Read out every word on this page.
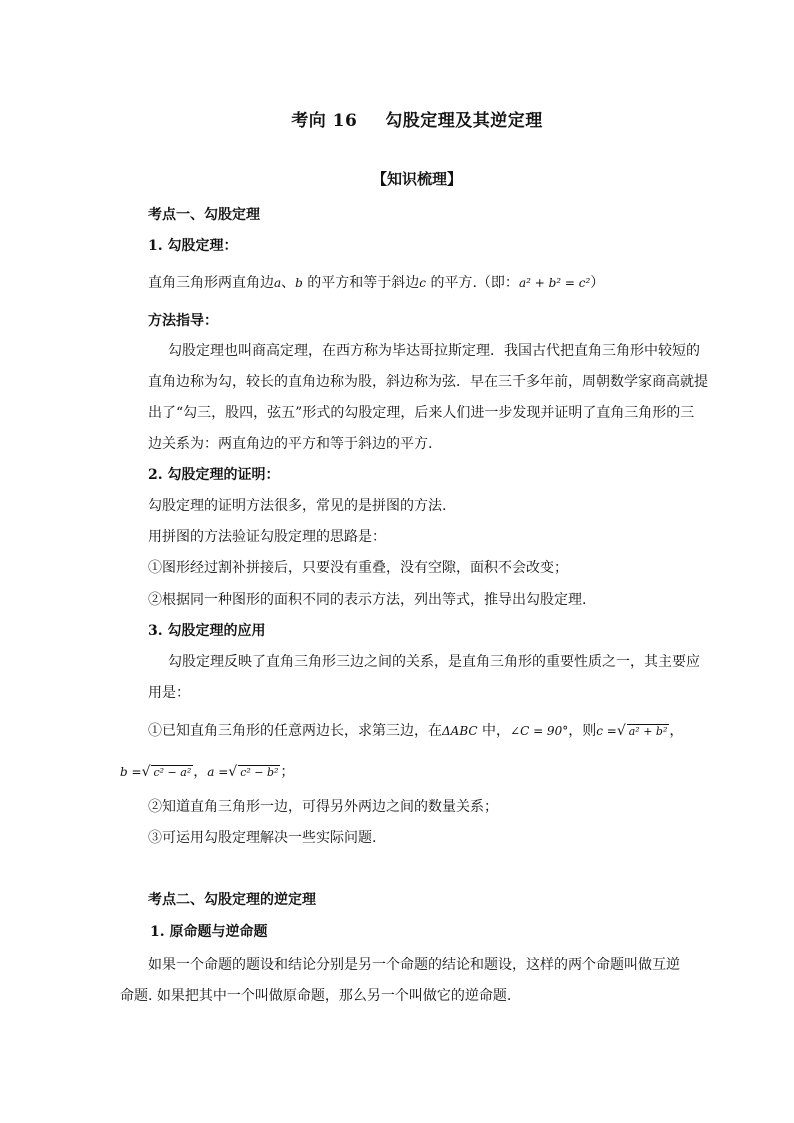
考向 16 勾股定理及其逆定理
【知识梳理】
考点一、勾股定理
1. 勾股定理：
直角三角形两直角边a、b 的平方和等于斜边c 的平方.（即：a² + b² = c²）
方法指导：
勾股定理也叫商高定理，在西方称为毕达哥拉斯定理．我国古代把直角三角形中较短的
直角边称为勾，较长的直角边称为股，斜边称为弦．早在三千多年前，周朝数学家商高就提
出了“勾三，股四，弦五”形式的勾股定理，后来人们进一步发现并证明了直角三角形的三
边关系为：两直角边的平方和等于斜边的平方.
2. 勾股定理的证明：
勾股定理的证明方法很多，常见的是拼图的方法.
用拼图的方法验证勾股定理的思路是：
①图形经过割补拼接后，只要没有重叠，没有空隙，面积不会改变；
②根据同一种图形的面积不同的表示方法，列出等式，推导出勾股定理.
3. 勾股定理的应用
勾股定理反映了直角三角形三边之间的关系，是直角三角形的重要性质之一，其主要应
用是：
①已知直角三角形的任意两边长，求第三边，在ΔABC 中，∠C = 90°，则c =√ a² + b² ，
b =√ c² − a² ，a =√ c² − b² ；
②知道直角三角形一边，可得另外两边之间的数量关系；
③可运用勾股定理解决一些实际问题.
考点二、勾股定理的逆定理
1. 原命题与逆命题
如果一个命题的题设和结论分别是另一个命题的结论和题设，这样的两个命题叫做互逆
命题. 如果把其中一个叫做原命题，那么另一个叫做它的逆命题.
